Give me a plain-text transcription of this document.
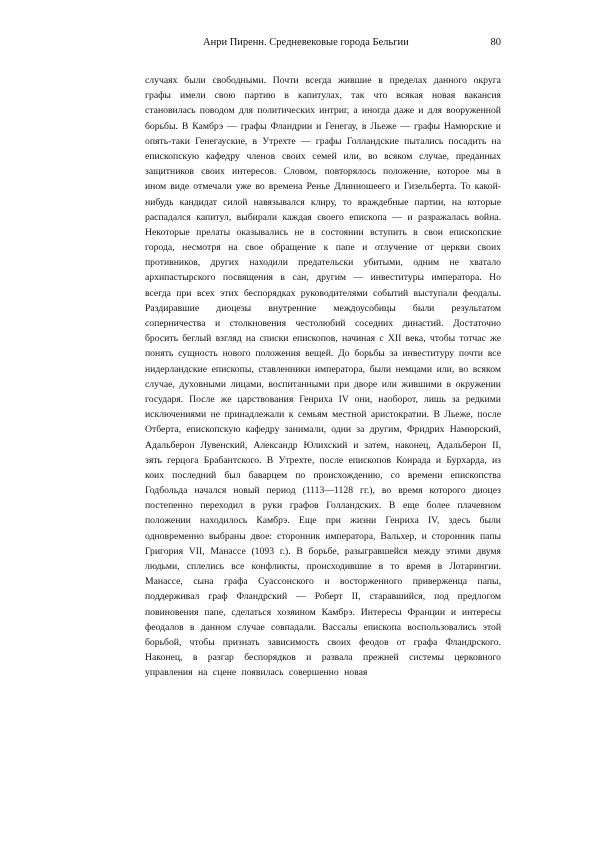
Анри Пиренн. Средневековые города Бельгии	80
случаях были свободными. Почти всегда жившие в пределах данного округа
графы имели свою партию в капитулах, так что всякая новая вакансия
становилась поводом для политических интриг, а иногда даже и для вооруженной
борьбы. В Камбрэ — графы Фландрии и Генегау, в Льеже — графы Намюрские и
опять-таки Генегауские, в Утрехте — графы Голландские пытались посадить на
епископскую кафедру членов своих семей или, во всяком случае, преданных
защитников своих интересов. Словом, повторялось положение, которое мы в
ином виде отмечали уже во времена Ренье Длинношеего и Гизельберта. То какой-
нибудь кандидат силой навязывался клиру, то враждебные партии, на которые
распадался капитул, выбирали каждая своего епископа — и разражалась война.
Некоторые прелаты оказывались не в состоянии вступить в свои епископские
города, несмотря на свое обращение к папе и отлучение от церкви своих
противников, других находили предательски убитыми, одним не хватало
архипастырского посвящения в сан, другим — инвеституры императора. Но
всегда при всех этих беспорядках руководителями событий выступали феодалы.
Раздиравшие диоцезы внутренние междоусобицы были результатом
соперничества и столкновения честолюбий соседних династий. Достаточно
бросить беглый взгляд на списки епископов, начиная с XII века, чтобы тотчас же
понять сущность нового положения вещей. До борьбы за инвеституру почти все
нидерландские епископы, ставленники императора, были немцами или, во всяком
случае, духовными лицами, воспитанными при дворе или жившими в окружении
государя. После же царствования Генриха IV они, наоборот, лишь за редкими
исключениями не принадлежали к семьям местной аристократии. В Льеже, после
Отберта, епископскую кафедру занимали, одни за другим, Фридрих Намюрский,
Адальберон Лувенский, Александр Юлихский и затем, наконец, Адальберон II,
зять герцога Брабантского. В Утрехте, после епископов Конрада и Бурхарда, из
коих последний был баварцем по происхождению, со времени епископства
Годбольда начался новый период (1113—1128 гг.), во время которого диоцез
постепенно переходил в руки графов Голландских. В еще более плачевном
положении находилось Камбрэ. Еще при жизни Генриха IV, здесь были
одновременно выбраны двое: сторонник императора, Вальхер, и сторонник папы
Григория VII, Манассе (1093 г.). В борьбе, разыгравшейся между этими двумя
людьми, сплелись все конфликты, происходившие в то время в Лотарингии.
Манассе, сына графа Суассонского и восторженного приверженца папы,
поддерживал граф Фландрский — Роберт II, старавшийся, под предлогом
повиновения папе, сделаться хозяином Камбрэ. Интересы Франции и интересы
феодалов в данном случае совпадали. Вассалы епископа воспользовались этой
борьбой, чтобы признать зависимость своих феодов от графа Фландрского.
Наконец, в разгар беспорядков и развала прежней системы церковного
управления на сцене появилась совершенно новая
